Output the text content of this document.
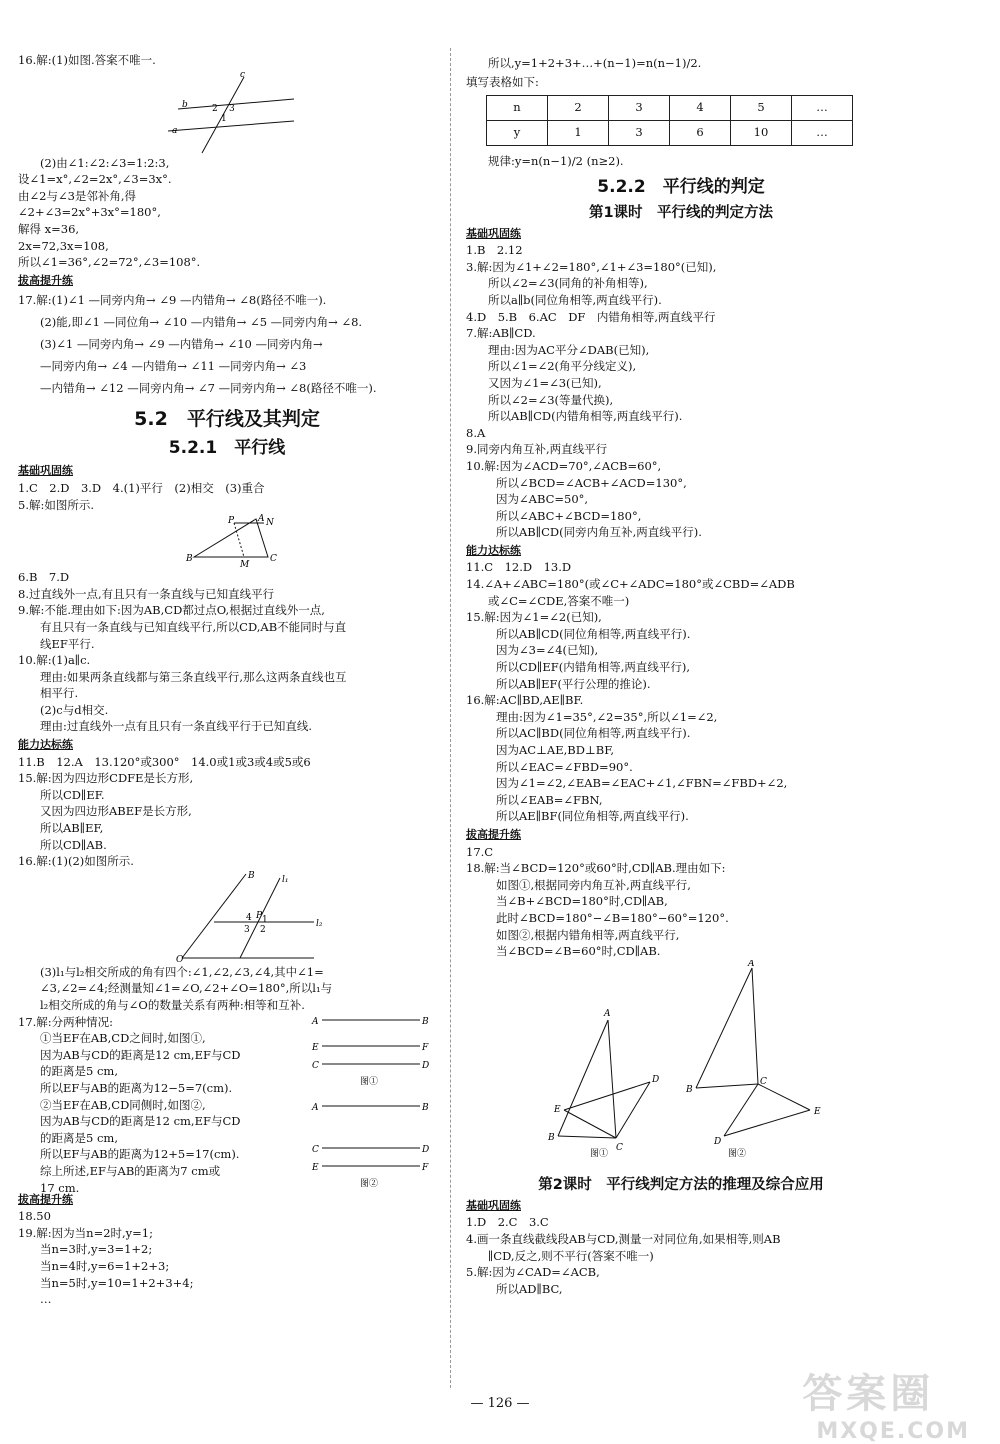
16.解:(1)如图.答案不唯一.
c
b
a
2 3
1
(2)由∠1:∠2:∠3=1:2:3,
设∠1=x°,∠2=2x°,∠3=3x°.
由∠2与∠3是邻补角,得
∠2+∠3=2x°+3x°=180°,
解得 x=36,
2x=72,3x=108,
所以∠1=36°,∠2=72°,∠3=108°.
拔高提升练
17.解:(1)∠1 —同旁内角→ ∠9 —内错角→ ∠8(路径不唯一).
(2)能,即∠1 —同位角→ ∠10 —内错角→ ∠5 —同旁内角→ ∠8.
(3)∠1 —同旁内角→ ∠9 —内错角→ ∠10 —同旁内角→
—同旁内角→ ∠4 —内错角→ ∠11 —同旁内角→ ∠3
—内错角→ ∠12 —同旁内角→ ∠7 —同旁内角→ ∠8(路径不唯一).
5.2　平行线及其判定
5.2.1　平行线
基础巩固练
1.C　2.D　3.D　4.(1)平行　(2)相交　(3)重合
5.解:如图所示.
B	C
P	A N
M
6.B　7.D
8.过直线外一点,有且只有一条直线与已知直线平行
9.解:不能.理由如下:因为AB,CD都过点O,根据过直线外一点,
有且只有一条直线与已知直线平行,所以CD,AB不能同时与直
线EF平行.
10.解:(1)a∥c.
理由:如果两条直线都与第三条直线平行,那么这两条直线也互
相平行.
(2)c与d相交.
理由:过直线外一点有且只有一条直线平行于已知直线.
能力达标练
11.B　12.A　13.120°或300°　14.0或1或3或4或5或6
15.解:因为四边形CDFE是长方形,
所以CD∥EF.
又因为四边形ABEF是长方形,
所以AB∥EF,
所以CD∥AB.
16.解:(1)(2)如图所示.
B	l₁
l₂
O
P
4 1
3 2
(3)l₁与l₂相交所成的角有四个:∠1,∠2,∠3,∠4,其中∠1=
∠3,∠2=∠4;经测量知∠1=∠O,∠2+∠O=180°,所以l₁与
l₂相交所成的角与∠O的数量关系有两种:相等和互补.
17.解:分两种情况:
①当EF在AB,CD之间时,如图①,
因为AB与CD的距离是12 cm,EF与CD
的距离是5 cm,
所以EF与AB的距离为12−5=7(cm).
②当EF在AB,CD同侧时,如图②,
因为AB与CD的距离是12 cm,EF与CD
的距离是5 cm,
所以EF与AB的距离为12+5=17(cm).
综上所述,EF与AB的距离为7 cm或
17 cm.
A	B
E	F
C	D
图①
A	B
C	D
E	F
图②
拔高提升练
18.50
19.解:因为当n=2时,y=1;
当n=3时,y=3=1+2;
当n=4时,y=6=1+2+3;
当n=5时,y=10=1+2+3+4;
…
所以,y=1+2+3+…+(n−1)=n(n−1)/2.
填写表格如下:
n	2	3	4	5	…
y	1	3	6	10	…
规律:y=n(n−1)/2 (n≥2).
5.2.2　平行线的判定
第1课时　平行线的判定方法
基础巩固练
1.B　2.12
3.解:因为∠1+∠2=180°,∠1+∠3=180°(已知),
所以∠2=∠3(同角的补角相等),
所以a∥b(同位角相等,两直线平行).
4.D　5.B　6.AC　DF　内错角相等,两直线平行
7.解:AB∥CD.
理由:因为AC平分∠DAB(已知),
所以∠1=∠2(角平分线定义),
又因为∠1=∠3(已知),
所以∠2=∠3(等量代换),
所以AB∥CD(内错角相等,两直线平行).
8.A
9.同旁内角互补,两直线平行
10.解:因为∠ACD=70°,∠ACB=60°,
所以∠BCD=∠ACB+∠ACD=130°,
因为∠ABC=50°,
所以∠ABC+∠BCD=180°,
所以AB∥CD(同旁内角互补,两直线平行).
能力达标练
11.C　12.D　13.D
14.∠A+∠ABC=180°(或∠C+∠ADC=180°或∠CBD=∠ADB
或∠C=∠CDE,答案不唯一)
15.解:因为∠1=∠2(已知),
所以AB∥CD(同位角相等,两直线平行).
因为∠3=∠4(已知),
所以CD∥EF(内错角相等,两直线平行),
所以AB∥EF(平行公理的推论).
16.解:AC∥BD,AE∥BF.
理由:因为∠1=35°,∠2=35°,所以∠1=∠2,
所以AC∥BD(同位角相等,两直线平行).
因为AC⊥AE,BD⊥BF,
所以∠EAC=∠FBD=90°.
因为∠1=∠2,∠EAB=∠EAC+∠1,∠FBN=∠FBD+∠2,
所以∠EAB=∠FBN,
所以AE∥BF(同位角相等,两直线平行).
拔高提升练
17.C
18.解:当∠BCD=120°或60°时,CD∥AB.理由如下:
如图①,根据同旁内角互补,两直线平行,
当∠B+∠BCD=180°时,CD∥AB,
此时∠BCD=180°−∠B=180°−60°=120°.
如图②,根据内错角相等,两直线平行,
当∠BCD=∠B=60°时,CD∥AB.
A
B
C
D
E
图①
A
B
C
D
E
图②
第2课时　平行线判定方法的推理及综合应用
基础巩固练
1.D　2.C　3.C
4.画一条直线截线段AB与CD,测量一对同位角,如果相等,则AB
∥CD,反之,则不平行(答案不唯一)
5.解:因为∠CAD=∠ACB,
所以AD∥BC,
— 126 —	答案圈
MXQE.COM
